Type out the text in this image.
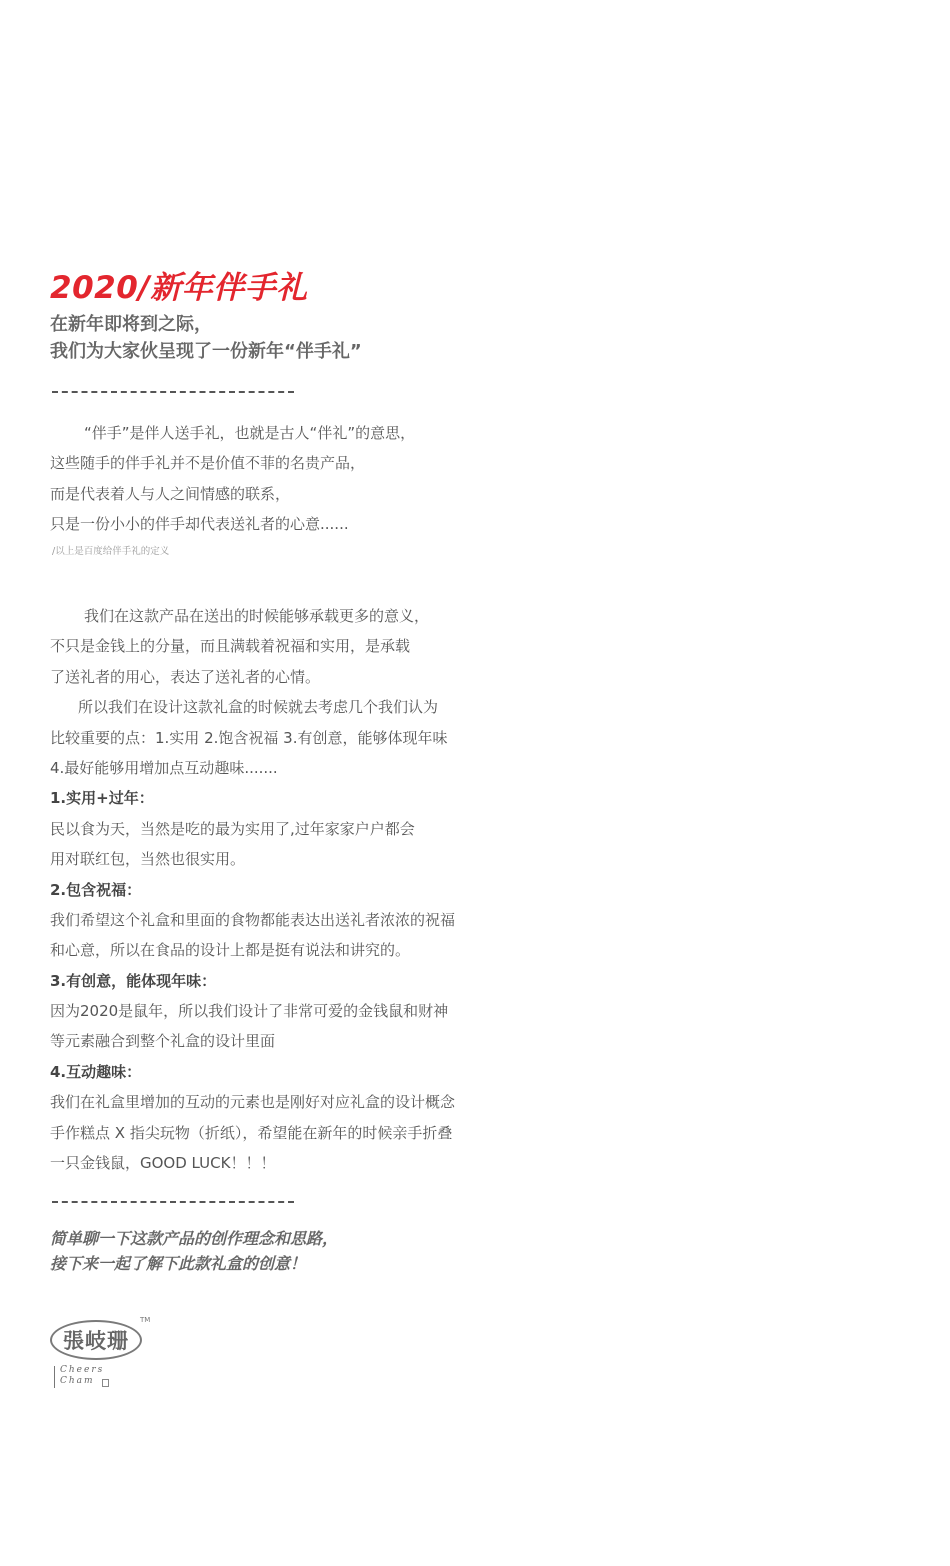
2020/新年伴手礼
在新年即将到之际，
我们为大家伙呈现了一份新年“伴手礼”
“伴手”是伴人送手礼，也就是古人“伴礼”的意思，
这些随手的伴手礼并不是价值不菲的名贵产品，
而是代表着人与人之间情感的联系，
只是一份小小的伴手却代表送礼者的心意......
/以上是百度给伴手礼的定义
我们在这款产品在送出的时候能够承载更多的意义，
不只是金钱上的分量，而且满载着祝福和实用，是承载
了送礼者的用心，表达了送礼者的心情。
所以我们在设计这款礼盒的时候就去考虑几个我们认为
比较重要的点：1.实用 2.饱含祝福 3.有创意，能够体现年味
4.最好能够用增加点互动趣味.......
1.实用+过年：
民以食为天，当然是吃的最为实用了,过年家家户户都会
用对联红包，当然也很实用。
2.包含祝福：
我们希望这个礼盒和里面的食物都能表达出送礼者浓浓的祝福
和心意，所以在食品的设计上都是挺有说法和讲究的。
3.有创意，能体现年味：
因为2020是鼠年，所以我们设计了非常可爱的金钱鼠和财神
等元素融合到整个礼盒的设计里面
4.互动趣味：
我们在礼盒里增加的互动的元素也是刚好对应礼盒的设计概念
手作糕点 X 指尖玩物（折纸），希望能在新年的时候亲手折叠
一只金钱鼠，GOOD LUCK！！！
简单聊一下这款产品的创作理念和思路，
接下来一起了解下此款礼盒的创意！
張岐珊
TM
Cheers
Cham
